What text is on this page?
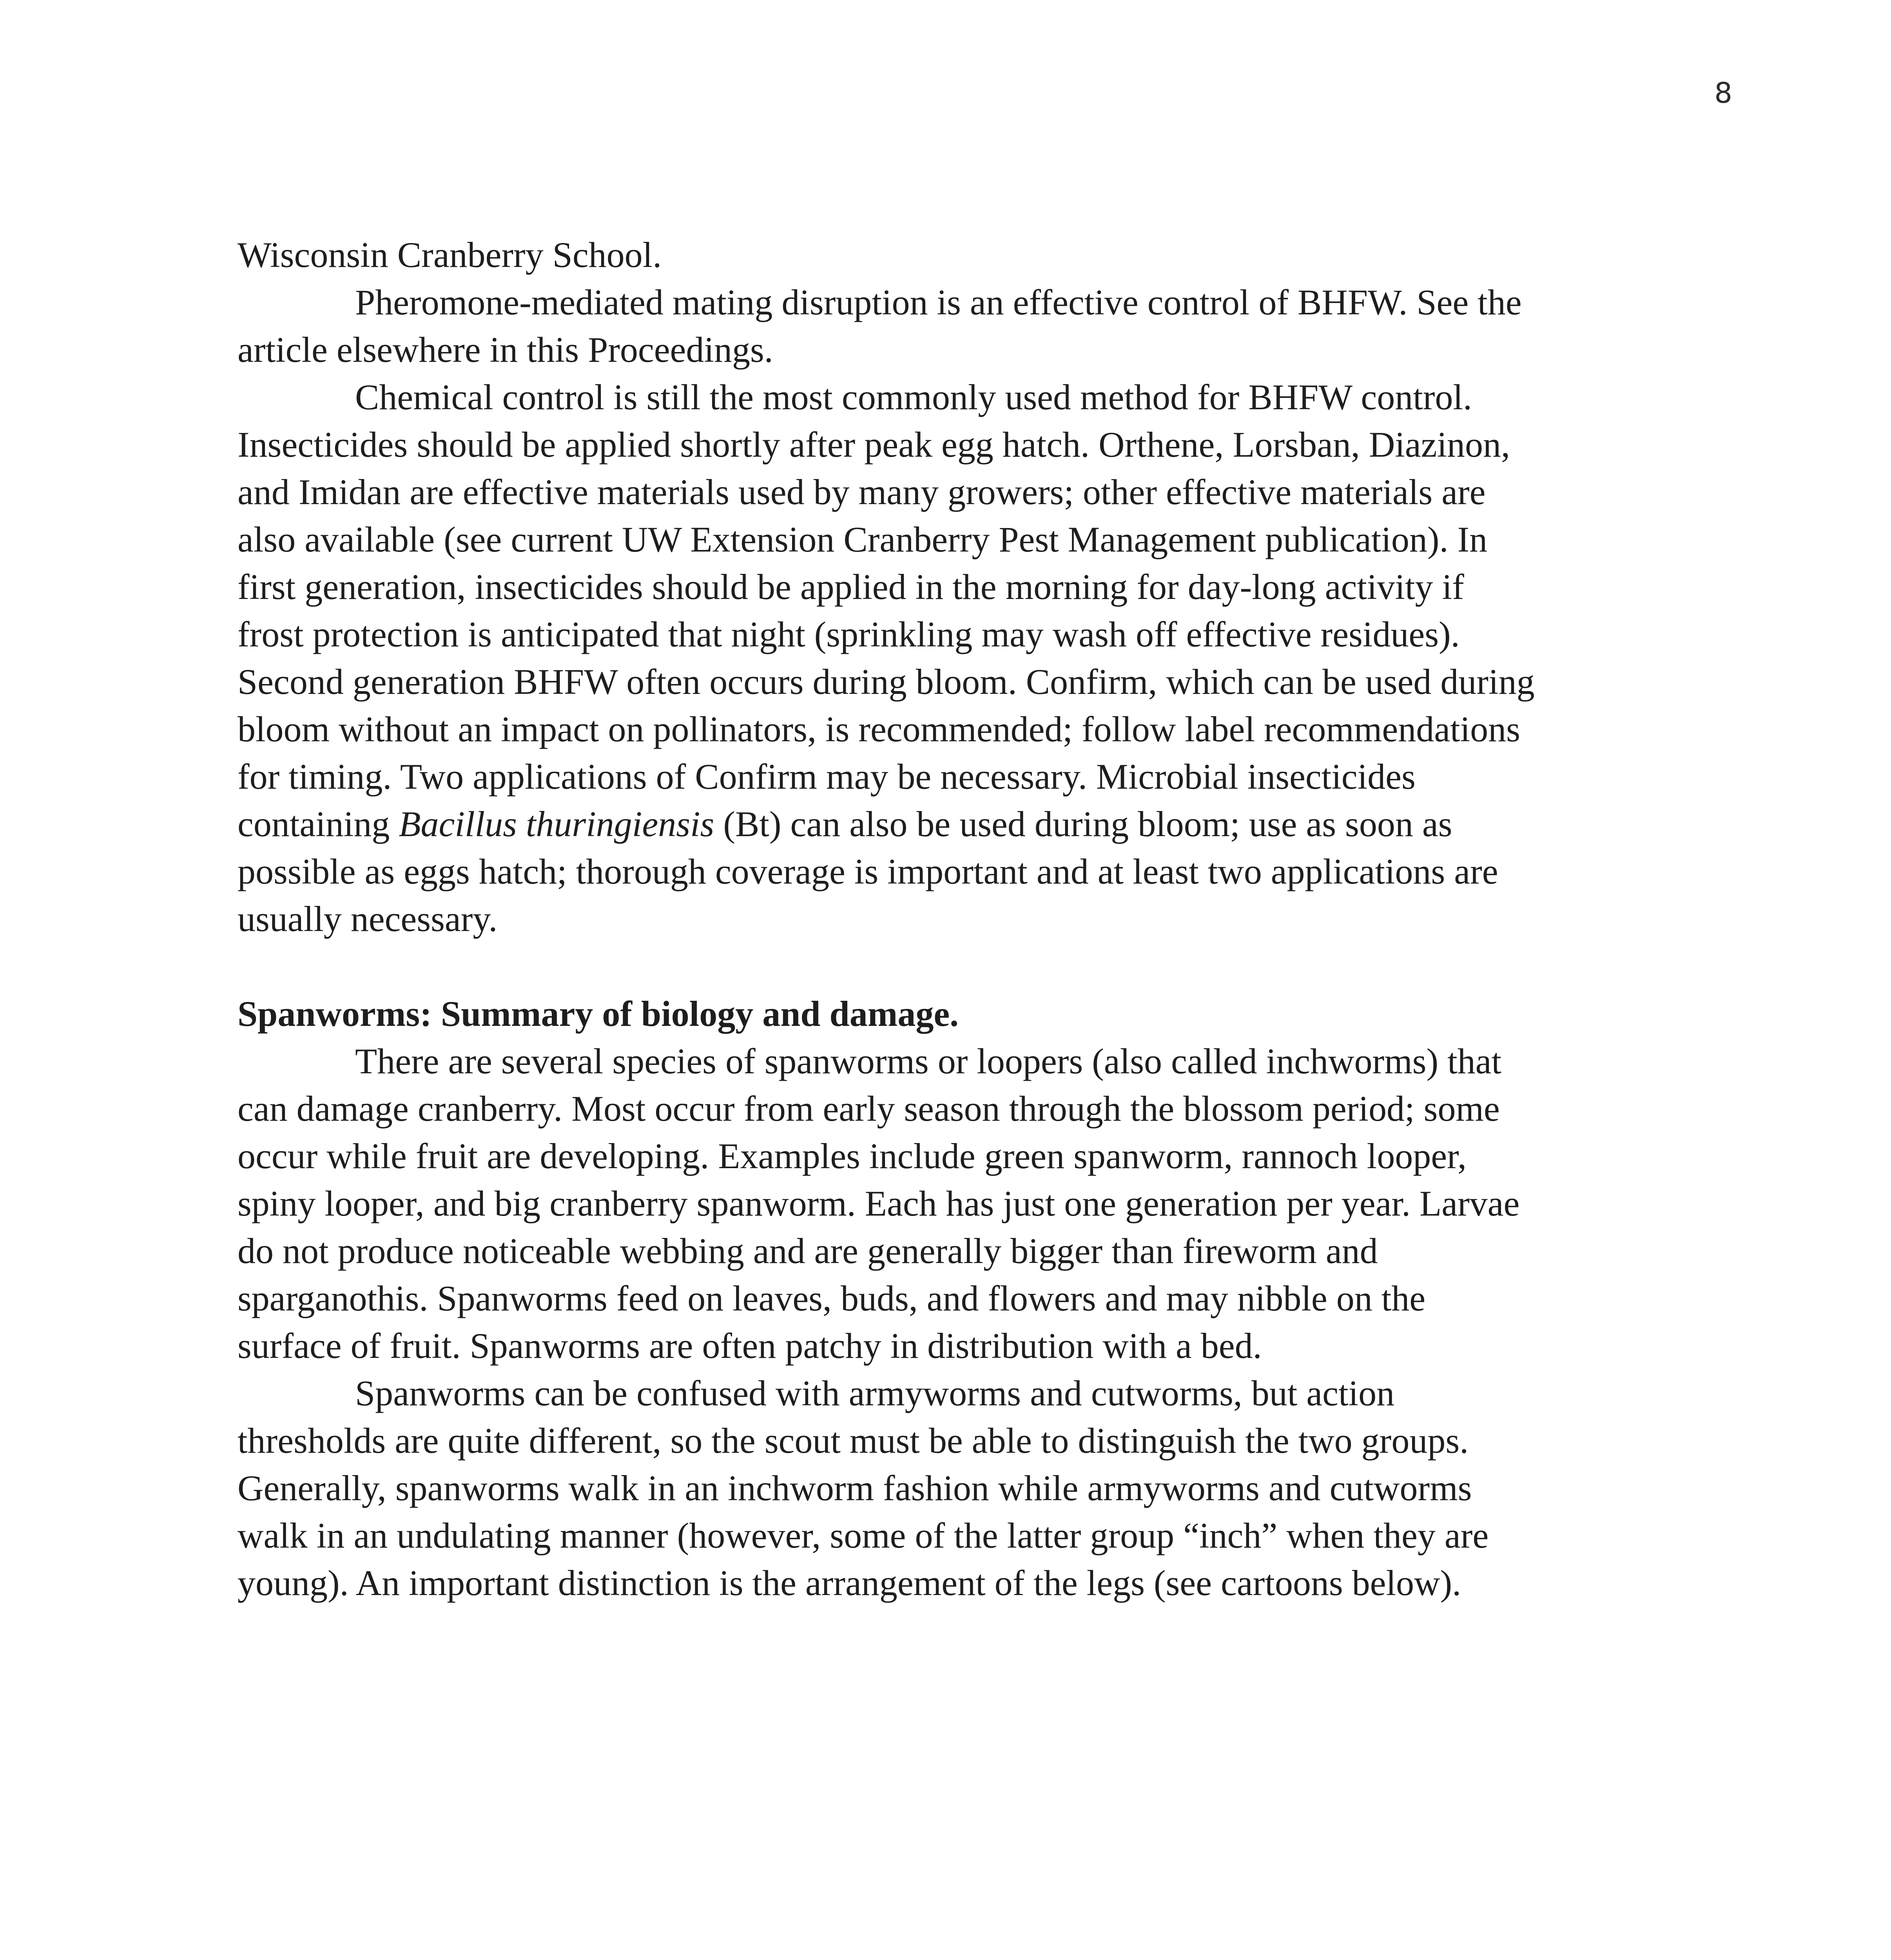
8

Wisconsin Cranberry School.

Pheromone-mediated mating disruption is an effective control of BHFW. See the
article elsewhere in this Proceedings.

Chemical control is still the most commonly used method for BHFW control.
Insecticides should be applied shortly after peak egg hatch. Orthene, Lorsban, Diazinon,
and Imidan are effective materials used by many growers; other effective materials are
also available (see current UW Extension Cranberry Pest Management publication). In
first generation, insecticides should be applied in the morning for day-long activity if
frost protection is anticipated that night (sprinkling may wash off effective residues).
Second generation BHFW often occurs during bloom. Confirm, which can be used during
bloom without an impact on pollinators, is recommended; follow label recommendations
for timing. Two applications of Confirm may be necessary. Microbial insecticides
containing Bacillus thuringiensis (Bt) can also be used during bloom; use as soon as
possible as eggs hatch; thorough coverage is important and at least two applications are
usually necessary.

Spanworms: Summary of biology and damage.

There are several species of spanworms or loopers (also called inchworms) that
can damage cranberry. Most occur from early season through the blossom period; some
occur while fruit are developing. Examples include green spanworm, rannoch looper,
spiny looper, and big cranberry spanworm. Each has just one generation per year. Larvae
do not produce noticeable webbing and are generally bigger than fireworm and
sparganothis. Spanworms feed on leaves, buds, and flowers and may nibble on the
surface of fruit. Spanworms are often patchy in distribution with a bed.

Spanworms can be confused with armyworms and cutworms, but action
thresholds are quite different, so the scout must be able to distinguish the two groups.
Generally, spanworms walk in an inchworm fashion while armyworms and cutworms
walk in an undulating manner (however, some of the latter group “inch” when they are
young). An important distinction is the arrangement of the legs (see cartoons below).
